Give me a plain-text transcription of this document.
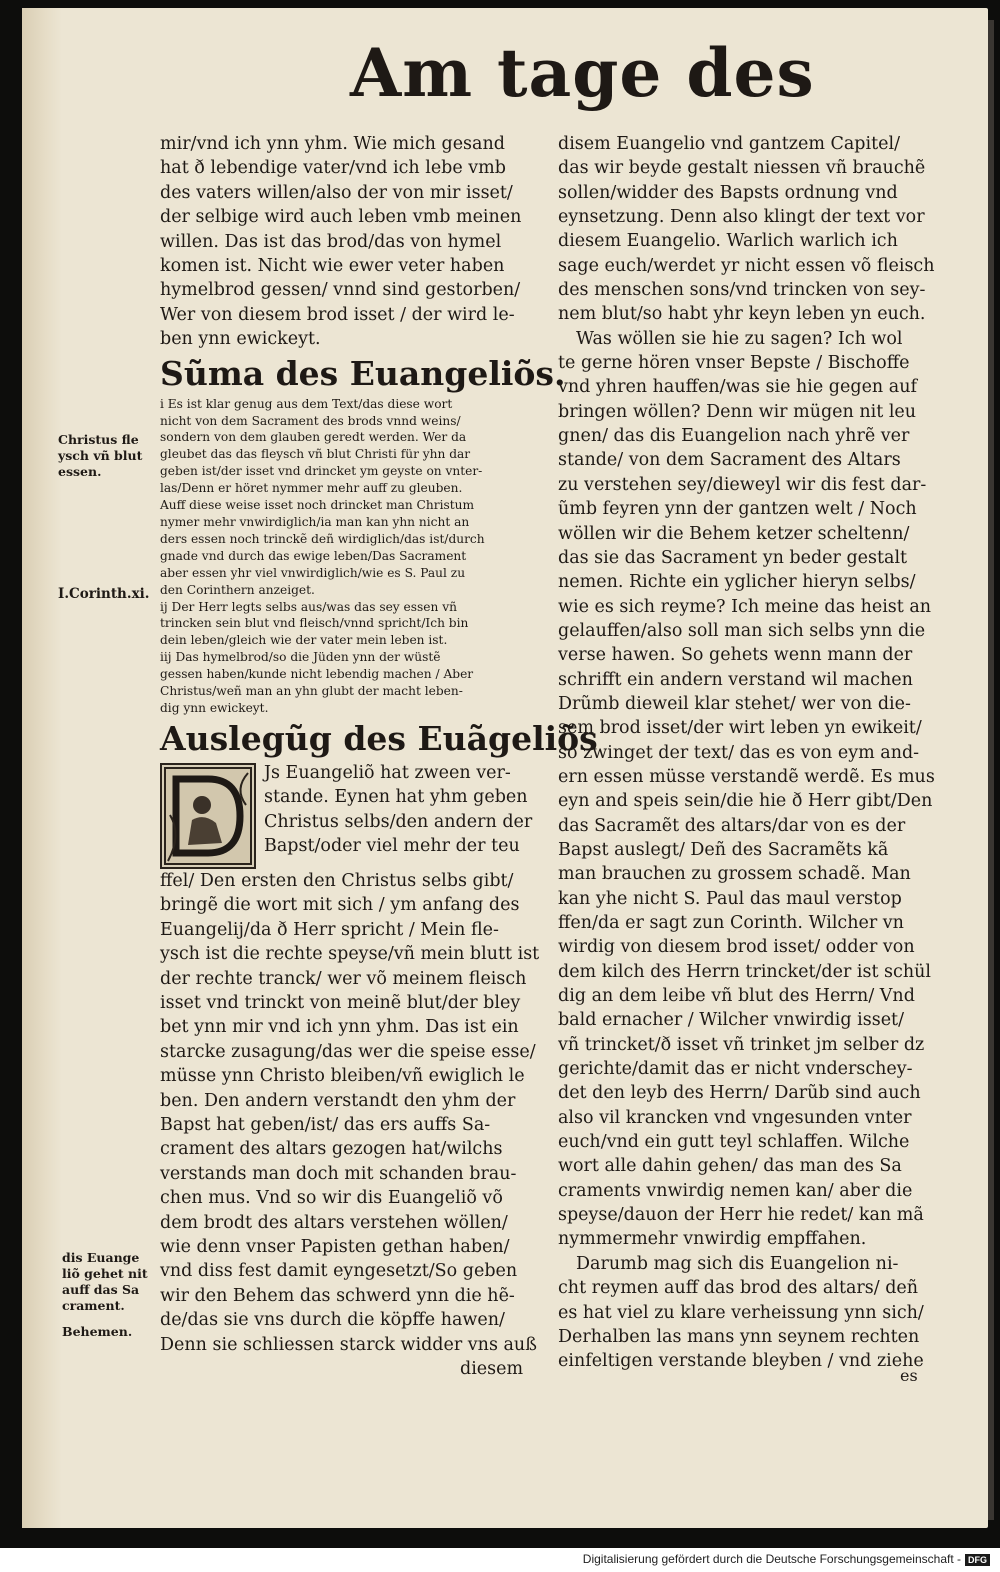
Am tage des
mir/vnd ich ynn yhm. Wie mich gesand
hat ð lebendige vater/vnd ich lebe vmb
des vaters willen/also der von mir isset/
der selbige wird auch leben vmb meinen
willen. Das ist das brod/das von hymel
komen ist. Nicht wie ewer veter haben
hymelbrod gessen/ vnnd sind gestorben/
Wer von diesem brod isset / der wird le-
ben ynn ewickeyt.
Sũma des Euangeliõs.
i Es ist klar genug aus dem Text/das diese wort
nicht von dem Sacrament des brods vnnd weins/
sondern von dem glauben geredt werden. Wer da
gleubet das das fleysch vñ blut Christi für yhn dar
geben ist/der isset vnd drincket ym geyste on vnter-
las/Denn er höret nymmer mehr auff zu gleuben.
Auff diese weise isset noch drincket man Christum
nymer mehr vnwirdiglich/ia man kan yhn nicht an
ders essen noch trinckẽ deñ wirdiglich/das ist/durch
gnade vnd durch das ewige leben/Das Sacrament
aber essen yhr viel vnwirdiglich/wie es S. Paul zu
den Corinthern anzeiget.
ij Der Herr legts selbs aus/was das sey essen vñ
trincken sein blut vnd fleisch/vnnd spricht/Ich bin
dein leben/gleich wie der vater mein leben ist.
iij Das hymelbrod/so die Jüden ynn der wüstẽ
gessen haben/kunde nicht lebendig machen / Aber
Christus/weñ man an yhn glubt der macht leben-
dig ynn ewickeyt.
Auslegũg des Euãgeliõs
Js Euangeliõ hat zween ver-
stande. Eynen hat yhm geben
Christus selbs/den andern der
Bapst/oder viel mehr der teu
ffel/ Den ersten den Christus selbs gibt/
bringẽ die wort mit sich / ym anfang des
Euangelij/da ð Herr spricht / Mein fle-
ysch ist die rechte speyse/vñ mein blutt ist
der rechte tranck/ wer võ meinem fleisch
isset vnd trinckt von meinẽ blut/der bley
bet ynn mir vnd ich ynn yhm. Das ist ein
starcke zusagung/das wer die speise esse/
müsse ynn Christo bleiben/vñ ewiglich le
ben. Den andern verstandt den yhm der
Bapst hat geben/ist/ das ers auffs Sa-
crament des altars gezogen hat/wilchs
verstands man doch mit schanden brau-
chen mus. Vnd so wir dis Euangeliõ võ
dem brodt des altars verstehen wöllen/
wie denn vnser Papisten gethan haben/
vnd diss fest damit eyngesetzt/So geben
wir den Behem das schwerd ynn die hẽ-
de/das sie vns durch die köpffe hawen/
Denn sie schliessen starck widder vns auß
diesem
disem Euangelio vnd gantzem Capitel/
das wir beyde gestalt niessen vñ brauchẽ
sollen/widder des Bapsts ordnung vnd
eynsetzung. Denn also klingt der text vor
diesem Euangelio. Warlich warlich ich
sage euch/werdet yr nicht essen võ fleisch
des menschen sons/vnd trincken von sey-
nem blut/so habt yhr keyn leben yn euch.
Was wöllen sie hie zu sagen? Ich wol
te gerne hören vnser Bepste / Bischoffe
vnd yhren hauffen/was sie hie gegen auf
bringen wöllen? Denn wir mügen nit leu
gnen/ das dis Euangelion nach yhrẽ ver
stande/ von dem Sacrament des Altars
zu verstehen sey/dieweyl wir dis fest dar-
ũmb feyren ynn der gantzen welt / Noch
wöllen wir die Behem ketzer scheltenn/
das sie das Sacrament yn beder gestalt
nemen. Richte ein yglicher hieryn selbs/
wie es sich reyme? Ich meine das heist an
gelauffen/also soll man sich selbs ynn die
verse hawen. So gehets wenn mann der
schrifft ein andern verstand wil machen
Drũmb dieweil klar stehet/ wer von die-
sem brod isset/der wirt leben yn ewikeit/
so zwinget der text/ das es von eym and-
ern essen müsse verstandẽ werdẽ. Es mus
eyn and speis sein/die hie ð Herr gibt/Den
das Sacramẽt des altars/dar von es der
Bapst auslegt/ Deñ des Sacramẽts kã
man brauchen zu grossem schadẽ. Man
kan yhe nicht S. Paul das maul verstop
ffen/da er sagt zun Corinth. Wilcher vn
wirdig von diesem brod isset/ odder von
dem kilch des Herrn trincket/der ist schül
dig an dem leibe vñ blut des Herrn/ Vnd
bald ernacher / Wilcher vnwirdig isset/
vñ trincket/ð isset vñ trinket jm selber dz
gerichte/damit das er nicht vnderschey-
det den leyb des Herrn/ Darũb sind auch
also vil krancken vnd vngesunden vnter
euch/vnd ein gutt teyl schlaffen. Wilche
wort alle dahin gehen/ das man des Sa
craments vnwirdig nemen kan/ aber die
speyse/dauon der Herr hie redet/ kan mã
nymmermehr vnwirdig empffahen.
Darumb mag sich dis Euangelion ni-
cht reymen auff das brod des altars/ deñ
es hat viel zu klare verheissung ynn sich/
Derhalben las mans ynn seynem rechten
einfeltigen verstande bleyben / vnd ziehe
es
Christus fle
ysch vñ blut
essen.
I.Corinth.xi.
dis Euange
liõ gehet nit
auff das Sa
crament.
Behemen.
Digitalisierung gefördert durch die Deutsche Forschungsgemeinschaft - DFG
